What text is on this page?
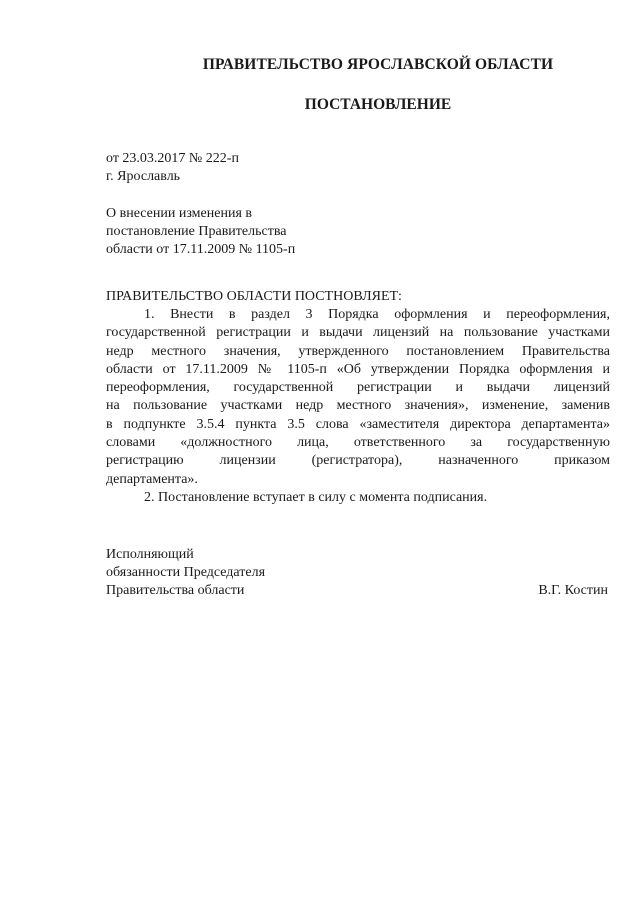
ПРАВИТЕЛЬСТВО ЯРОСЛАВСКОЙ ОБЛАСТИ
ПОСТАНОВЛЕНИЕ
от 23.03.2017 № 222-п
г. Ярославль
О внесении изменения в
постановление Правительства
области от 17.11.2009 № 1105-п
ПРАВИТЕЛЬСТВО ОБЛАСТИ ПОСТНОВЛЯЕТ:
1. Внести в раздел 3 Порядка оформления и переоформления,
государственной регистрации и выдачи лицензий на пользование участками
недр местного значения, утвержденного постановлением Правительства
области от 17.11.2009 № 1105-п «Об утверждении Порядка оформления и
переоформления, государственной регистрации и выдачи лицензий
на пользование участками недр местного значения», изменение, заменив
в подпункте 3.5.4 пункта 3.5 слова «заместителя директора департамента»
словами «должностного лица, ответственного за государственную
регистрацию лицензии (регистратора), назначенного приказом
департамента».
2. Постановление вступает в силу с момента подписания.
Исполняющий
обязанности Председателя
Правительства области	В.Г. Костин
